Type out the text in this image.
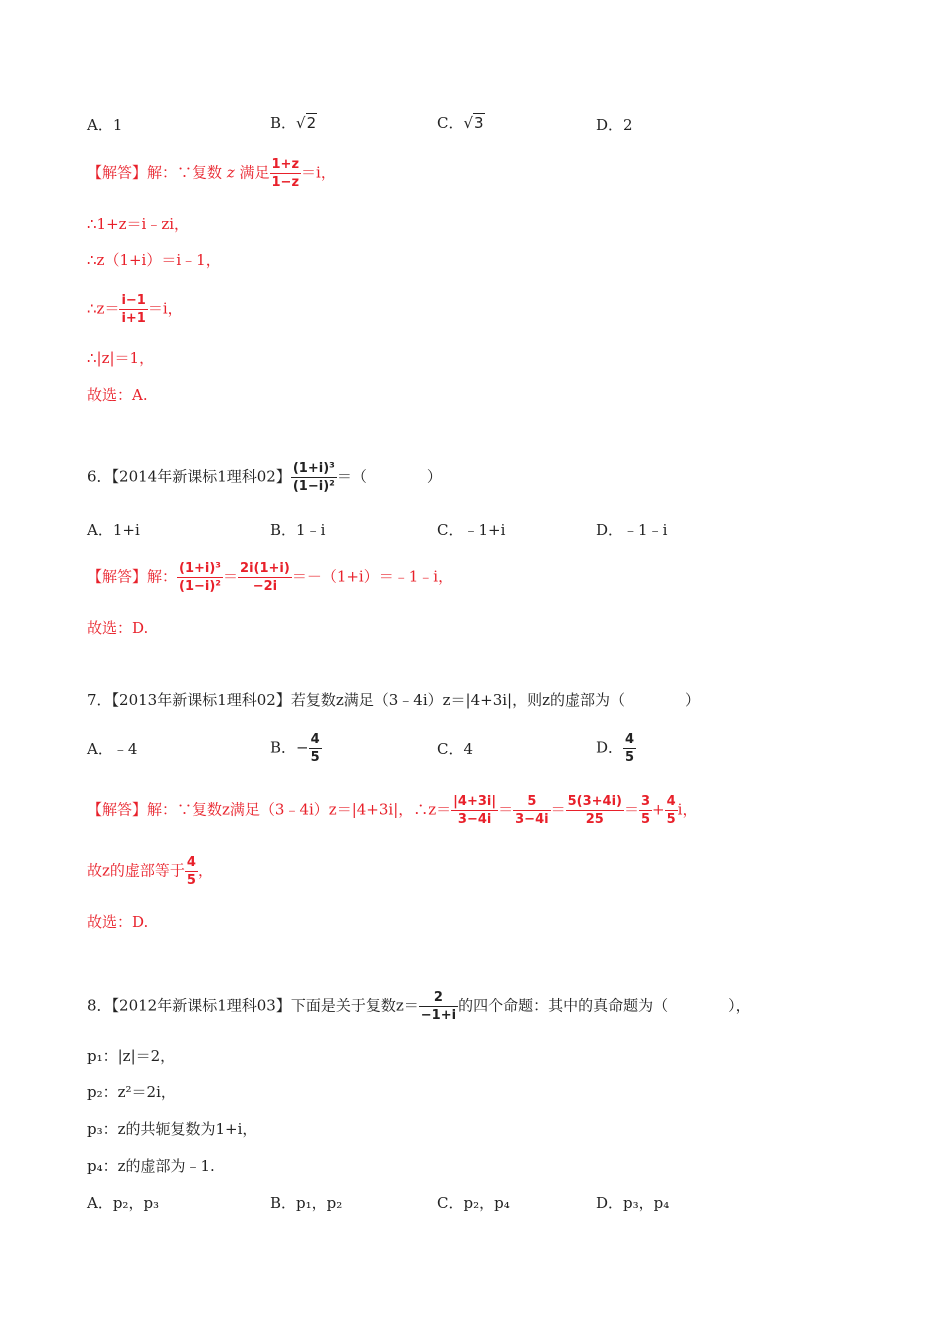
A．1	B．√2	C．√3	D．2
【解答】解：∵复数 z 满足 $\frac{1+z}{1-z} =i$，
∴1+z＝i﹣zi，
∴z（1+i）＝i﹣1，
∴z＝ $\frac{i-1}{i+1} =i$，
∴|z|＝1，
故选：A.
6．【2014年新课标1理科02】 $\frac{\text{(1+i)³}}{\text{(1−i)²}}$ ＝（　　　　）
A．1+i	B．1﹣i	C．﹣1+i	D．﹣1﹣i
【解答】解： $\frac{\text{(1+i)³}}{\text{(1−i)²}} = \frac{2i(1+i)}{-2i}$ ＝－（1+i）＝﹣1﹣i，
故选：D.
7．【2013年新课标1理科02】若复数z满足（3﹣4i）z＝|4+3i|，则z的虚部为（　　　　）
A．﹣4	B．− $\frac{4}{5}$	C．4	D． $\frac{4}{5}$
【解答】解：∵复数z满足（3﹣4i）z＝|4+3i|，∴z＝ $\frac{|4+3i|}{3-4i} = \frac{5}{3-4i} = \frac{5(3+4i)}{25} = \frac{3}{5} + \frac{4}{5}$ i，
故z的虚部等于 $\frac{4}{5}$ ，
故选：D.
8．【2012年新课标1理科03】下面是关于复数$z= \frac{2}{-1+i}$ 的四个命题：其中的真命题为（　　　　），
p₁：|z|＝2，
p₂：z²＝2i，
p₃：z的共轭复数为1+i，
p₄：z的虚部为﹣1.
A．p₂，p₃	B．p₁，p₂	C．p₂，p₄	D．p₃，p₄
